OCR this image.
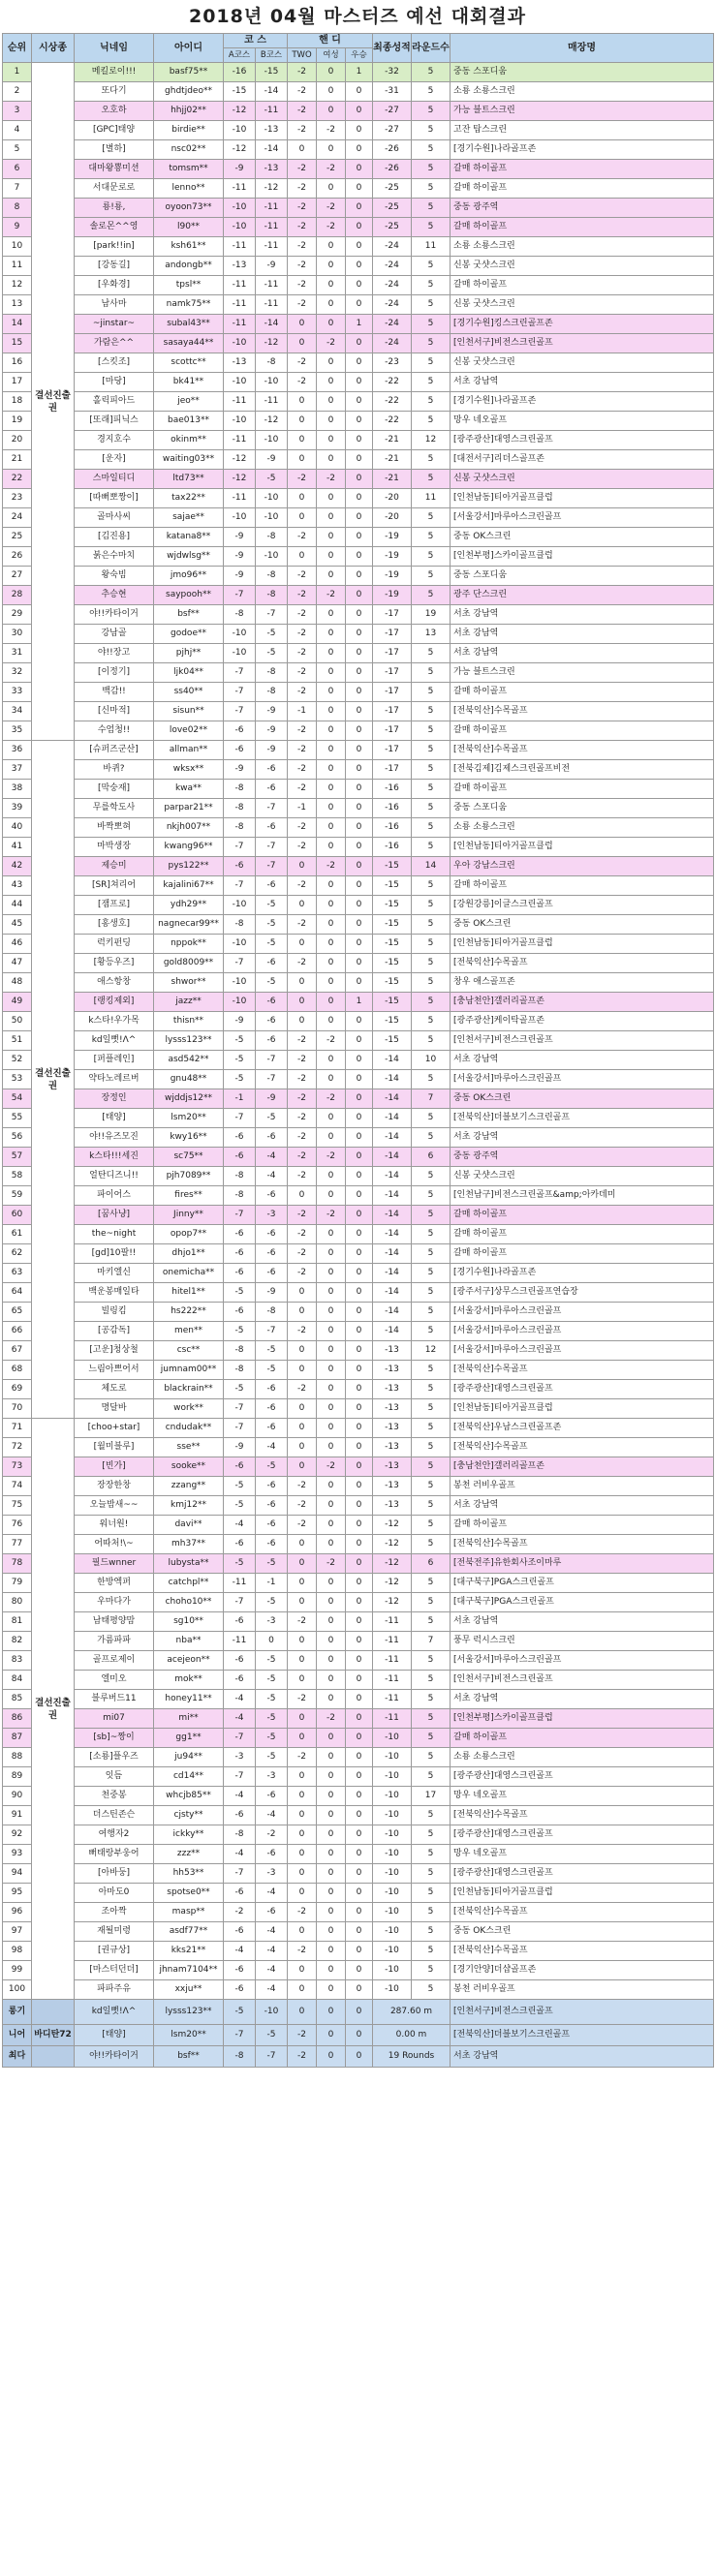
2018년 04월 마스터즈 예선 대회결과
순위	시상종	닉네임	아이디	코 스		핸 디			최종성적	라운드수	매장명
				A코스	B코스	TWO	여성	우승			
1	결선진출권	메킬로이!!!	basf75**	-16	-15	-2	0	1	-32	5	중동 스포디움
2		또다기	ghdtjdeo**	-15	-14	-2	0	0	-31	5	소룡 소룡스크린
3		오호하	hhjj02**	-12	-11	-2	0	0	-27	5	가능 블트스크린
4		[GPC]태양	birdie**	-10	-13	-2	-2	0	-27	5	고잔 탑스크린
5		[별하]	nsc02**	-12	-14	0	0	0	-26	5	[경기수원]나라골프존
6		대마왕뿅미션	tomsm**	-9	-13	-2	-2	0	-26	5	갈매 하이골프
7		서대문로로	lenno**	-11	-12	-2	0	0	-25	5	갈매 하이골프
8		룡!룡,	oyoon73**	-10	-11	-2	-2	0	-25	5	중동 광주역
9		솔로몬^^영	l90**	-10	-11	-2	-2	0	-25	5	갈매 하이골프
10		[park!!in]	ksh61**	-11	-11	-2	0	0	-24	11	소룡 소룡스크린
11		[강동길]	andongb**	-13	-9	-2	0	0	-24	5	신봉 굿샷스크린
12		[우화경]	tpsl**	-11	-11	-2	0	0	-24	5	갈매 하이골프
13		남사마	namk75**	-11	-11	-2	0	0	-24	5	신봉 굿샷스크린
14		~jinstar~	subal43**	-11	-14	0	0	1	-24	5	[경기수원]킹스크린골프존
15		가람은^^	sasaya44**	-10	-12	0	-2	0	-24	5	[인천서구]비전스크린골프
16		[스킷조]	scottc**	-13	-8	-2	0	0	-23	5	신봉 굿샷스크린
17		[마당]	bk41**	-10	-10	-2	0	0	-22	5	서초 강남역
18		홀릭피아드	jeo**	-11	-11	0	0	0	-22	5	[경기수원]나라골프존
19		[또래]피닉스	bae013**	-10	-12	0	0	0	-22	5	망우 네오골프
20		경지호수	okinm**	-11	-10	0	0	0	-21	12	[광주광산]대영스크린골프
21		[운자]	waiting03**	-12	-9	0	0	0	-21	5	[대전서구]리더스골프존
22		스마일티디	ltd73**	-12	-5	-2	-2	0	-21	5	신봉 굿샷스크린
23		[따뻐뽀짱이]	tax22**	-11	-10	0	0	0	-20	11	[인천남동]티아거골프클럽
24		골마사씨	sajae**	-10	-10	0	0	0	-20	5	[서울강서]마루아스크린골프
25		[김진용]	katana8**	-9	-8	-2	0	0	-19	5	중동 OK스크린
26		붉은수마치	wjdwlsg**	-9	-10	0	0	0	-19	5	[인천부평]스카이골프클럽
27		왕숙빔	jmo96**	-9	-8	-2	0	0	-19	5	중동 스포디움
28		추승현	saypooh**	-7	-8	-2	-2	0	-19	5	광주 단스크린
29		야!!카타이거	bsf**	-8	-7	-2	0	0	-17	19	서초 강남역
30		강남골	godoe**	-10	-5	-2	0	0	-17	13	서초 강남역
31		야!!장고	pjhj**	-10	-5	-2	0	0	-17	5	서초 강남역
32		[이정기]	ljk04**	-7	-8	-2	0	0	-17	5	가능 블트스크린
33		백감!!	ss40**	-7	-8	-2	0	0	-17	5	갈매 하이골프
34		[신마적]	sisun**	-7	-9	-1	0	0	-17	5	[전북익산]수목골프
35		수엄청!!	love02**	-6	-9	-2	0	0	-17	5	갈매 하이골프
36	결선진출권	[슈퍼즈군산]	allman**	-6	-9	-2	0	0	-17	5	[전북익산]수목골프
37		바퀴?	wksx**	-9	-6	-2	0	0	-17	5	[전북김제]김제스크린골프비전
38		[막숭재]	kwa**	-8	-6	-2	0	0	-16	5	갈매 하이골프
39		무를학도사	parpar21**	-8	-7	-1	0	0	-16	5	중동 스포디움
40		바짝뽀혀	nkjh007**	-8	-6	-2	0	0	-16	5	소룡 소룡스크린
41		마박생장	kwang96**	-7	-7	-2	0	0	-16	5	[인천남동]티아거골프클럽
42		제승미	pys122**	-6	-7	0	-2	0	-15	14	우아 강남스크린
43		[SR]쳐리어	kajalini67**	-7	-6	-2	0	0	-15	5	갈매 하이골프
44		[잼프로]	ydh29**	-10	-5	0	0	0	-15	5	[강원강릉]이글스크린골프
45		[홍생호]	nagnecar99**	-8	-5	-2	0	0	-15	5	중동 OK스크린
46		럭키펀딩	nppok**	-10	-5	0	0	0	-15	5	[인천남동]티아거골프클럽
47		[황등우즈]	gold8009**	-7	-6	-2	0	0	-15	5	[전북익산]수목골프
48		애스항창	shwor**	-10	-5	0	0	0	-15	5	창우 애스골프존
49		[랭킹제외]	jazz**	-10	-6	0	0	1	-15	5	[충남천안]갤러리골프존
50		k스타!우가목	thisn**	-9	-6	0	0	0	-15	5	[광주광산]케이탁골프존
51		kd일뻣!Λ^	lysss123**	-5	-6	-2	-2	0	-15	5	[인천서구]비전스크린골프
52		[퍼플레인]	asd542**	-5	-7	-2	0	0	-14	10	서초 강남역
53		약타노레르버	gnu48**	-5	-7	-2	0	0	-14	5	[서울강서]마루아스크린골프
54		장정인	wjddjs12**	-1	-9	-2	-2	0	-14	7	중동 OK스크린
55		[태양]	lsm20**	-7	-5	-2	0	0	-14	5	[전북익산]더블보기스크린골프
56		야!!유즈모진	kwy16**	-6	-6	-2	0	0	-14	5	서초 강남역
57		k스타!!!세진	sc75**	-6	-4	-2	-2	0	-14	6	중동 광주역
58		얼탄디즈니!!	pjh7089**	-8	-4	-2	0	0	-14	5	신봉 굿샷스크린
59		파이어스	fires**	-8	-6	0	0	0	-14	5	[인천남구]비전스크린골프&amp;아카데미
60		[꿈사냥]	Jinny**	-7	-3	-2	-2	0	-14	5	갈매 하이골프
61		the~night	opop7**	-6	-6	-2	0	0	-14	5	갈매 하이골프
62		[gd]10팔!!	dhjo1**	-6	-6	-2	0	0	-14	5	갈매 하이골프
63		마키엘신	onemicha**	-6	-6	-2	0	0	-14	5	[경기수원]나라골프존
64		백운봉매일타	hitel1**	-5	-9	0	0	0	-14	5	[광주서구]상무스크린골프연습장
65		빌링킴	hs222**	-6	-8	0	0	0	-14	5	[서울강서]마루아스크린골프
66		[공감독]	men**	-5	-7	-2	0	0	-14	5	[서울강서]마루아스크린골프
67		[고운]청상철	csc**	-8	-5	0	0	0	-13	12	[서울강서]마루아스크린골프
68		느림아쁘어서	jumnam00**	-8	-5	0	0	0	-13	5	[전북익산]수목골프
69		체도로	blackrain**	-5	-6	-2	0	0	-13	5	[광주광산]대영스크린골프
70		명달바	work**	-7	-6	0	0	0	-13	5	[인천남동]티아거골프클럽
71	결선진출권	[choo+star]	cndudak**	-7	-6	0	0	0	-13	5	[전북익산]우남스크린골프존
72		[월미블루]	sse**	-9	-4	0	0	0	-13	5	[전북익산]수목골프
73		[빈가]	sooke**	-6	-5	0	-2	0	-13	5	[충남천안]갤러리골프존
74		장장한창	zzang**	-5	-6	-2	0	0	-13	5	봉천 러비우골프
75		오늘밤새~~	kmj12**	-5	-6	-2	0	0	-13	5	서초 강남역
76		워너원!	davi**	-4	-6	-2	0	0	-12	5	갈매 하이골프
77		어따처!\~	mh37**	-6	-6	0	0	0	-12	5	[전북익산]수목골프
78		필드wnner	lubysta**	-5	-5	0	-2	0	-12	6	[전북전주]유한회사조이마루
79		한방엑퍼	catchpl**	-11	-1	0	0	0	-12	5	[대구북구]PGA스크린골프
80		우마다가	choho10**	-7	-5	0	0	0	-12	5	[대구북구]PGA스크린골프
81		남태평양맘	sg10**	-6	-3	-2	0	0	-11	5	서초 강남역
82		가름파파	nba**	-11	0	0	0	0	-11	7	풍무 럭시스크린
83		골프로제이	acejeon**	-6	-5	0	0	0	-11	5	[서울강서]마루아스크린골프
84		엘미오	mok**	-6	-5	0	0	0	-11	5	[인천서구]비전스크린골프
85		블루버드11	honey11**	-4	-5	-2	0	0	-11	5	서초 강남역
86		mi07	mi**	-4	-5	0	-2	0	-11	5	[인천부평]스카이골프클럽
87		[sb]~짱이	gg1**	-7	-5	0	0	0	-10	5	갈매 하이골프
88		[소룡]플우즈	ju94**	-3	-5	-2	0	0	-10	5	소룡 소룡스크린
89		잇듬	cd14**	-7	-3	0	0	0	-10	5	[광주광산]대영스크린골프
90		천중봉	whcjb85**	-4	-6	0	0	0	-10	17	망우 네오골프
91		더스틴존슨	cjsty**	-6	-4	0	0	0	-10	5	[전북익산]수목골프
92		여행자2	ickky**	-8	-2	0	0	0	-10	5	[광주광산]대영스크린골프
93		뻐태랑부웅어	zzz**	-4	-6	0	0	0	-10	5	망우 네오골프
94		[아바둥]	hh53**	-7	-3	0	0	0	-10	5	[광주광산]대영스크린골프
95		아마도0	spotse0**	-6	-4	0	0	0	-10	5	[인천남동]티아거골프클럽
96		조아짝	masp**	-2	-6	-2	0	0	-10	5	[전북익산]수목골프
97		재될미령	asdf77**	-6	-4	0	0	0	-10	5	중동 OK스크린
98		[권규상]	kks21**	-4	-4	-2	0	0	-10	5	[전북익산]수목골프
99		[마스터던더]	jhnam7104**	-6	-4	0	0	0	-10	5	[경기안양]더샵골프존
100		파파주유	xxju**	-6	-4	0	0	0	-10	5	봉천 러비우골프
롱기		kd일뻣!Λ^	lysss123**	-5	-10	0	0	0	287.60 m		[인천서구]비전스크린골프
니어	바디탄72	[태양]	lsm20**	-7	-5	-2	0	0	0.00 m		[전북익산]더블보기스크린골프
최다		야!!카타이거	bsf**	-8	-7	-2	0	0	19 Rounds		서초 강남역
